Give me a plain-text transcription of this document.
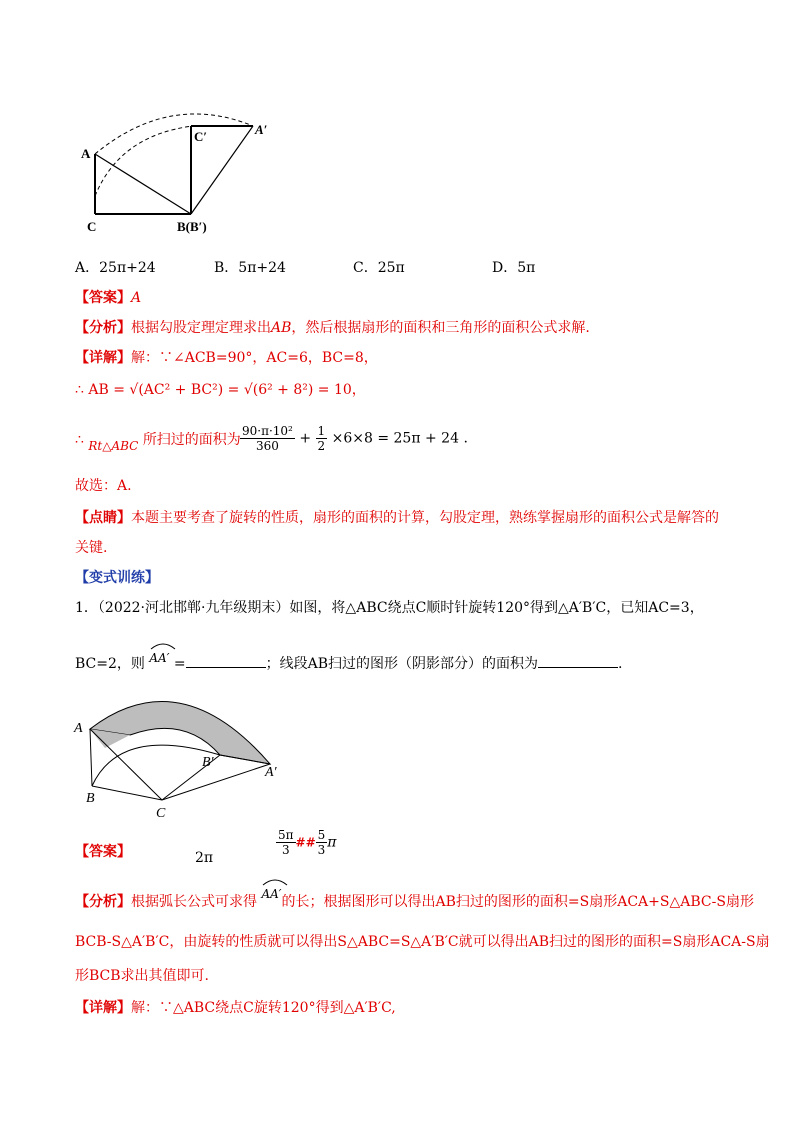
A
C	B(B′)
C′	A′
A．25π+24	B．5π+24	C．25π	D．5π
【答案】A
【分析】根据勾股定理定理求出AB，然后根据扇形的面积和三角形的面积公式求解.
【详解】解：∵∠ACB=90°，AC=6，BC=8，
∴ AB = √(AC² + BC²) = √(6² + 8²) = 10，
∴ Rt△ABC 所扫过的面积为 $\frac{\text{90·π·10²}}{360} + \frac{1}{2} \times 6\times 8 = 25\pi + 24$ .
故选：A.
【点睛】本题主要考查了旋转的性质，扇形的面积的计算，勾股定理，熟练掌握扇形的面积公式是解答的
关键.
【变式训练】
1．（2022·河北邯郸·九年级期末）如图，将△ABC绕点C顺时针旋转120°得到△A′B′C，已知AC=3，
BC=2，则 AA′ =	；线段AB扫过的图形（阴影部分）的面积为	.
A
B
C
B′
A′
【答案】	2π
$\frac{5\pi}{3}$ ## $\frac{5}{3}$ π
【分析】根据弧长公式可求得 AA′的长；根据图形可以得出AB扫过的图形的面积=S扇形ACA+S△ABC-S扇形
BCB-S△A′B′C，由旋转的性质就可以得出S△ABC=S△A′B′C就可以得出AB扫过的图形的面积=S扇形ACA-S扇
形BCB求出其值即可.
【详解】解：∵△ABC绕点C旋转120°得到△A′B′C,
